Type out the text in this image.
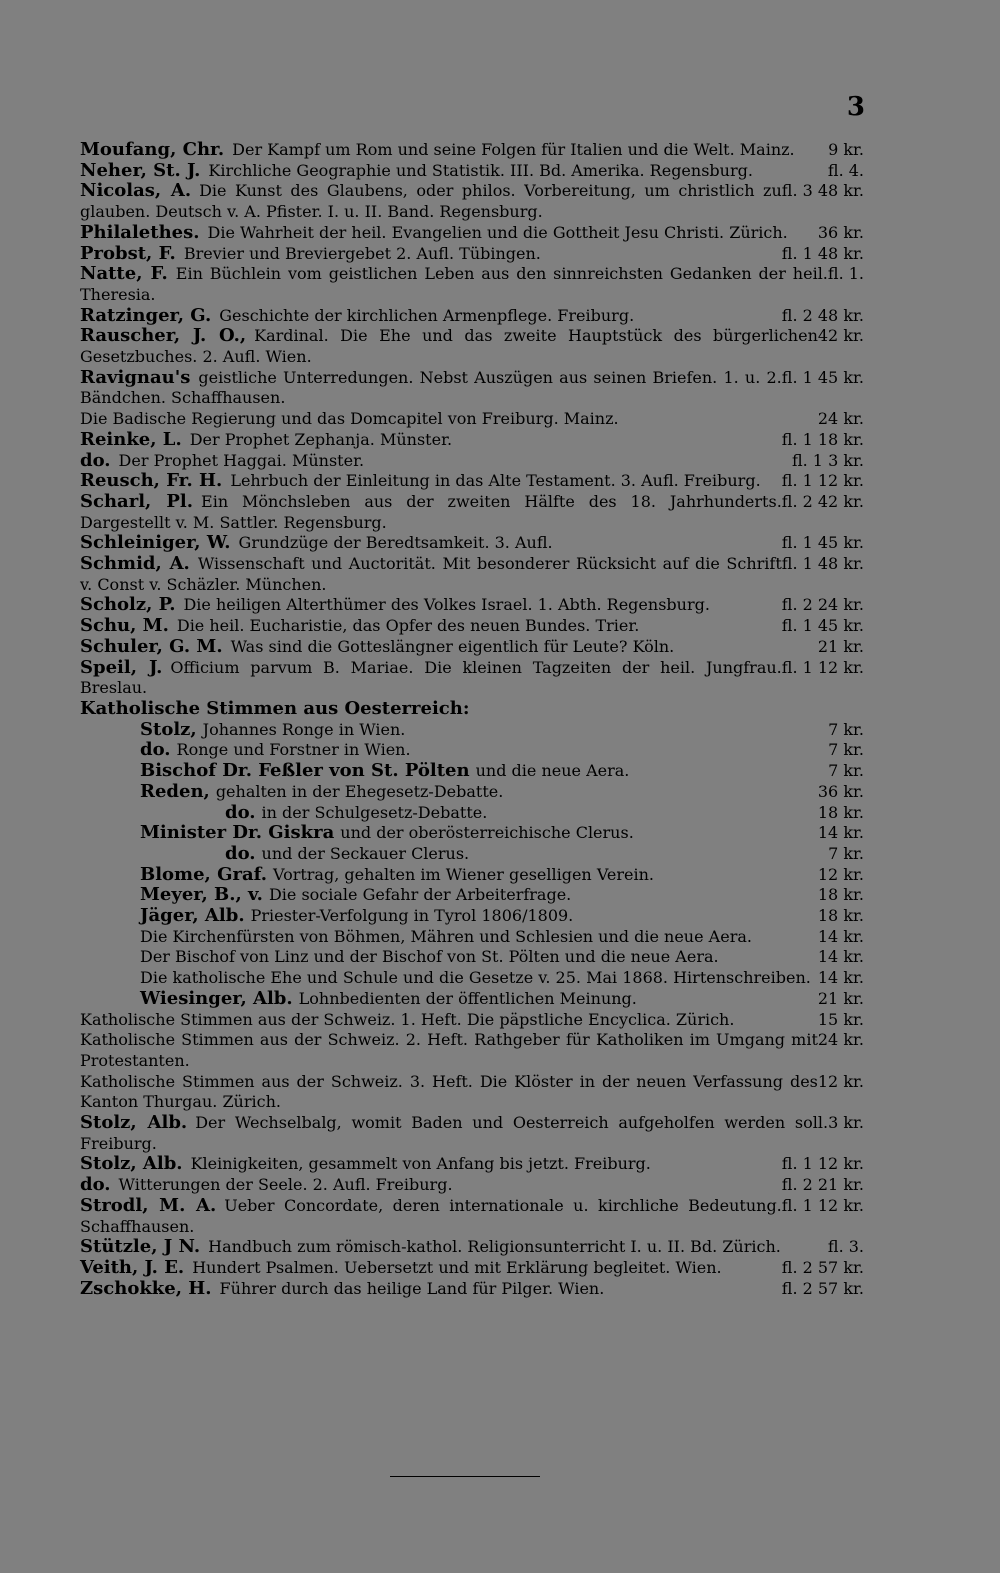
3

9 kr.
Moufang, Chr. Der Kampf um Rom und seine Folgen für Italien und die Welt. Mainz.

fl. 4.
Neher, St. J. Kirchliche Geographie und Statistik. III. Bd. Amerika. Regensburg.

fl. 3 48 kr.
Nicolas, A. Die Kunst des Glaubens, oder philos. Vorbereitung, um christlich zu glauben. Deutsch v. A. Pfister. I. u. II. Band. Regensburg.

36 kr.
Philalethes. Die Wahrheit der heil. Evangelien und die Gottheit Jesu Christi. Zürich.

fl. 1 48 kr.
Probst, F. Brevier und Breviergebet 2. Aufl. Tübingen.

fl. 1.
Natte, F. Ein Büchlein vom geistlichen Leben aus den sinnreichsten Gedanken der heil. Theresia.

fl. 2 48 kr.
Ratzinger, G. Geschichte der kirchlichen Armenpflege. Freiburg.

42 kr.
Rauscher, J. O., Kardinal. Die Ehe und das zweite Hauptstück des bürgerlichen Gesetzbuches. 2. Aufl. Wien.

fl. 1 45 kr.
Ravignau's geistliche Unterredungen. Nebst Auszügen aus seinen Briefen. 1. u. 2. Bändchen. Schaffhausen.

24 kr.
Die Badische Regierung und das Domcapitel von Freiburg. Mainz.

fl. 1 18 kr.
Reinke, L. Der Prophet Zephanja. Münster.

fl. 1 3 kr.
do. Der Prophet Haggai. Münster.

fl. 1 12 kr.
Reusch, Fr. H. Lehrbuch der Einleitung in das Alte Testament. 3. Aufl. Freiburg.

fl. 2 42 kr.
Scharl, Pl. Ein Mönchsleben aus der zweiten Hälfte des 18. Jahrhunderts. Dargestellt v. M. Sattler. Regensburg.

fl. 1 45 kr.
Schleiniger, W. Grundzüge der Beredtsamkeit. 3. Aufl.

fl. 1 48 kr.
Schmid, A. Wissenschaft und Auctorität. Mit besonderer Rücksicht auf die Schrift v. Const v. Schäzler. München.

fl. 2 24 kr.
Scholz, P. Die heiligen Alterthümer des Volkes Israel. 1. Abth. Regensburg.

fl. 1 45 kr.
Schu, M. Die heil. Eucharistie, das Opfer des neuen Bundes. Trier.

21 kr.
Schuler, G. M. Was sind die Gotteslängner eigentlich für Leute? Köln.

fl. 1 12 kr.
Speil, J. Officium parvum B. Mariae. Die kleinen Tagzeiten der heil. Jungfrau. Breslau.

Katholische Stimmen aus Oesterreich:

7 kr.
Stolz, Johannes Ronge in Wien.

7 kr.
do. Ronge und Forstner in Wien.

7 kr.
Bischof Dr. Feßler von St. Pölten und die neue Aera.

36 kr.
Reden, gehalten in der Ehegesetz-Debatte.

18 kr.
do. in der Schulgesetz-Debatte.

14 kr.
Minister Dr. Giskra und der oberösterreichische Clerus.

7 kr.
do. und der Seckauer Clerus.

12 kr.
Blome, Graf. Vortrag, gehalten im Wiener geselligen Verein.

18 kr.
Meyer, B., v. Die sociale Gefahr der Arbeiterfrage.

18 kr.
Jäger, Alb. Priester-Verfolgung in Tyrol 1806/1809.

14 kr.
Die Kirchenfürsten von Böhmen, Mähren und Schlesien und die neue Aera.

14 kr.
Der Bischof von Linz und der Bischof von St. Pölten und die neue Aera.

14 kr.
Die katholische Ehe und Schule und die Gesetze v. 25. Mai 1868. Hirtenschreiben.

21 kr.
Wiesinger, Alb. Lohnbedienten der öffentlichen Meinung.

15 kr.
Katholische Stimmen aus der Schweiz. 1. Heft. Die päpstliche Encyclica. Zürich.

24 kr.
Katholische Stimmen aus der Schweiz. 2. Heft. Rathgeber für Katholiken im Umgang mit Protestanten.

12 kr.
Katholische Stimmen aus der Schweiz. 3. Heft. Die Klöster in der neuen Verfassung des Kanton Thurgau. Zürich.

3 kr.
Stolz, Alb. Der Wechselbalg, womit Baden und Oesterreich aufgeholfen werden soll. Freiburg.

fl. 1 12 kr.
Stolz, Alb. Kleinigkeiten, gesammelt von Anfang bis jetzt. Freiburg.

fl. 2 21 kr.
do. Witterungen der Seele. 2. Aufl. Freiburg.

fl. 1 12 kr.
Strodl, M. A. Ueber Concordate, deren internationale u. kirchliche Bedeutung. Schaffhausen.

fl. 3.
Stützle, J N. Handbuch zum römisch-kathol. Religionsunterricht I. u. II. Bd. Zürich.

fl. 2 57 kr.
Veith, J. E. Hundert Psalmen. Uebersetzt und mit Erklärung begleitet. Wien.

fl. 2 57 kr.
Zschokke, H. Führer durch das heilige Land für Pilger. Wien.
